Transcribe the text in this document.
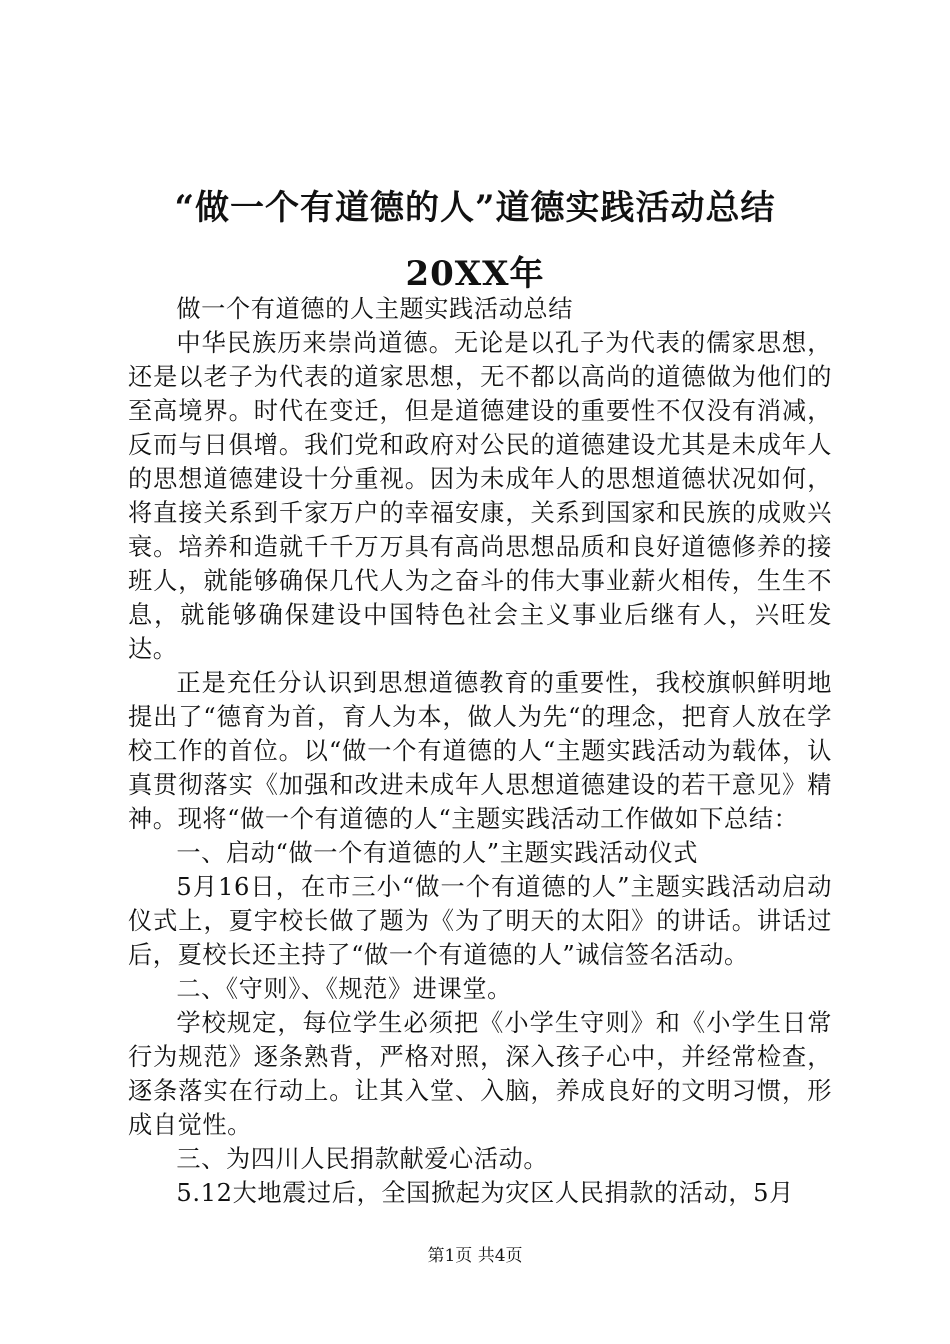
“做一个有道德的人”道德实践活动总结
20XX年

做一个有道德的人主题实践活动总结

中华民族历来崇尚道德。无论是以孔子为代表的儒家思想，还是以老子为代表的道家思想，无不都以高尚的道德做为他们的至高境界。时代在变迁，但是道德建设的重要性不仅没有消减，反而与日俱增。我们党和政府对公民的道德建设尤其是未成年人的思想道德建设十分重视。因为未成年人的思想道德状况如何，将直接关系到千家万户的幸福安康，关系到国家和民族的成败兴衰。培养和造就千千万万具有高尚思想品质和良好道德修养的接班人，就能够确保几代人为之奋斗的伟大事业薪火相传，生生不息，就能够确保建设中国特色社会主义事业后继有人，兴旺发达。

正是充任分认识到思想道德教育的重要性，我校旗帜鲜明地提出了“德育为首，育人为本，做人为先“的理念，把育人放在学校工作的首位。以“做一个有道德的人“主题实践活动为载体，认真贯彻落实《加强和改进未成年人思想道德建设的若干意见》精神。现将“做一个有道德的人“主题实践活动工作做如下总结：

一、启动“做一个有道德的人”主题实践活动仪式

5月16日，在市三小“做一个有道德的人”主题实践活动启动仪式上，夏宇校长做了题为《为了明天的太阳》的讲话。讲话过后，夏校长还主持了“做一个有道德的人”诚信签名活动。

二、《守则》、《规范》进课堂。

学校规定，每位学生必须把《小学生守则》和《小学生日常行为规范》逐条熟背，严格对照，深入孩子心中，并经常检查，逐条落实在行动上。让其入堂、入脑，养成良好的文明习惯，形成自觉性。

三、为四川人民捐款献爱心活动。

5.12大地震过后，全国掀起为灾区人民捐款的活动，5月

第1页 共4页
